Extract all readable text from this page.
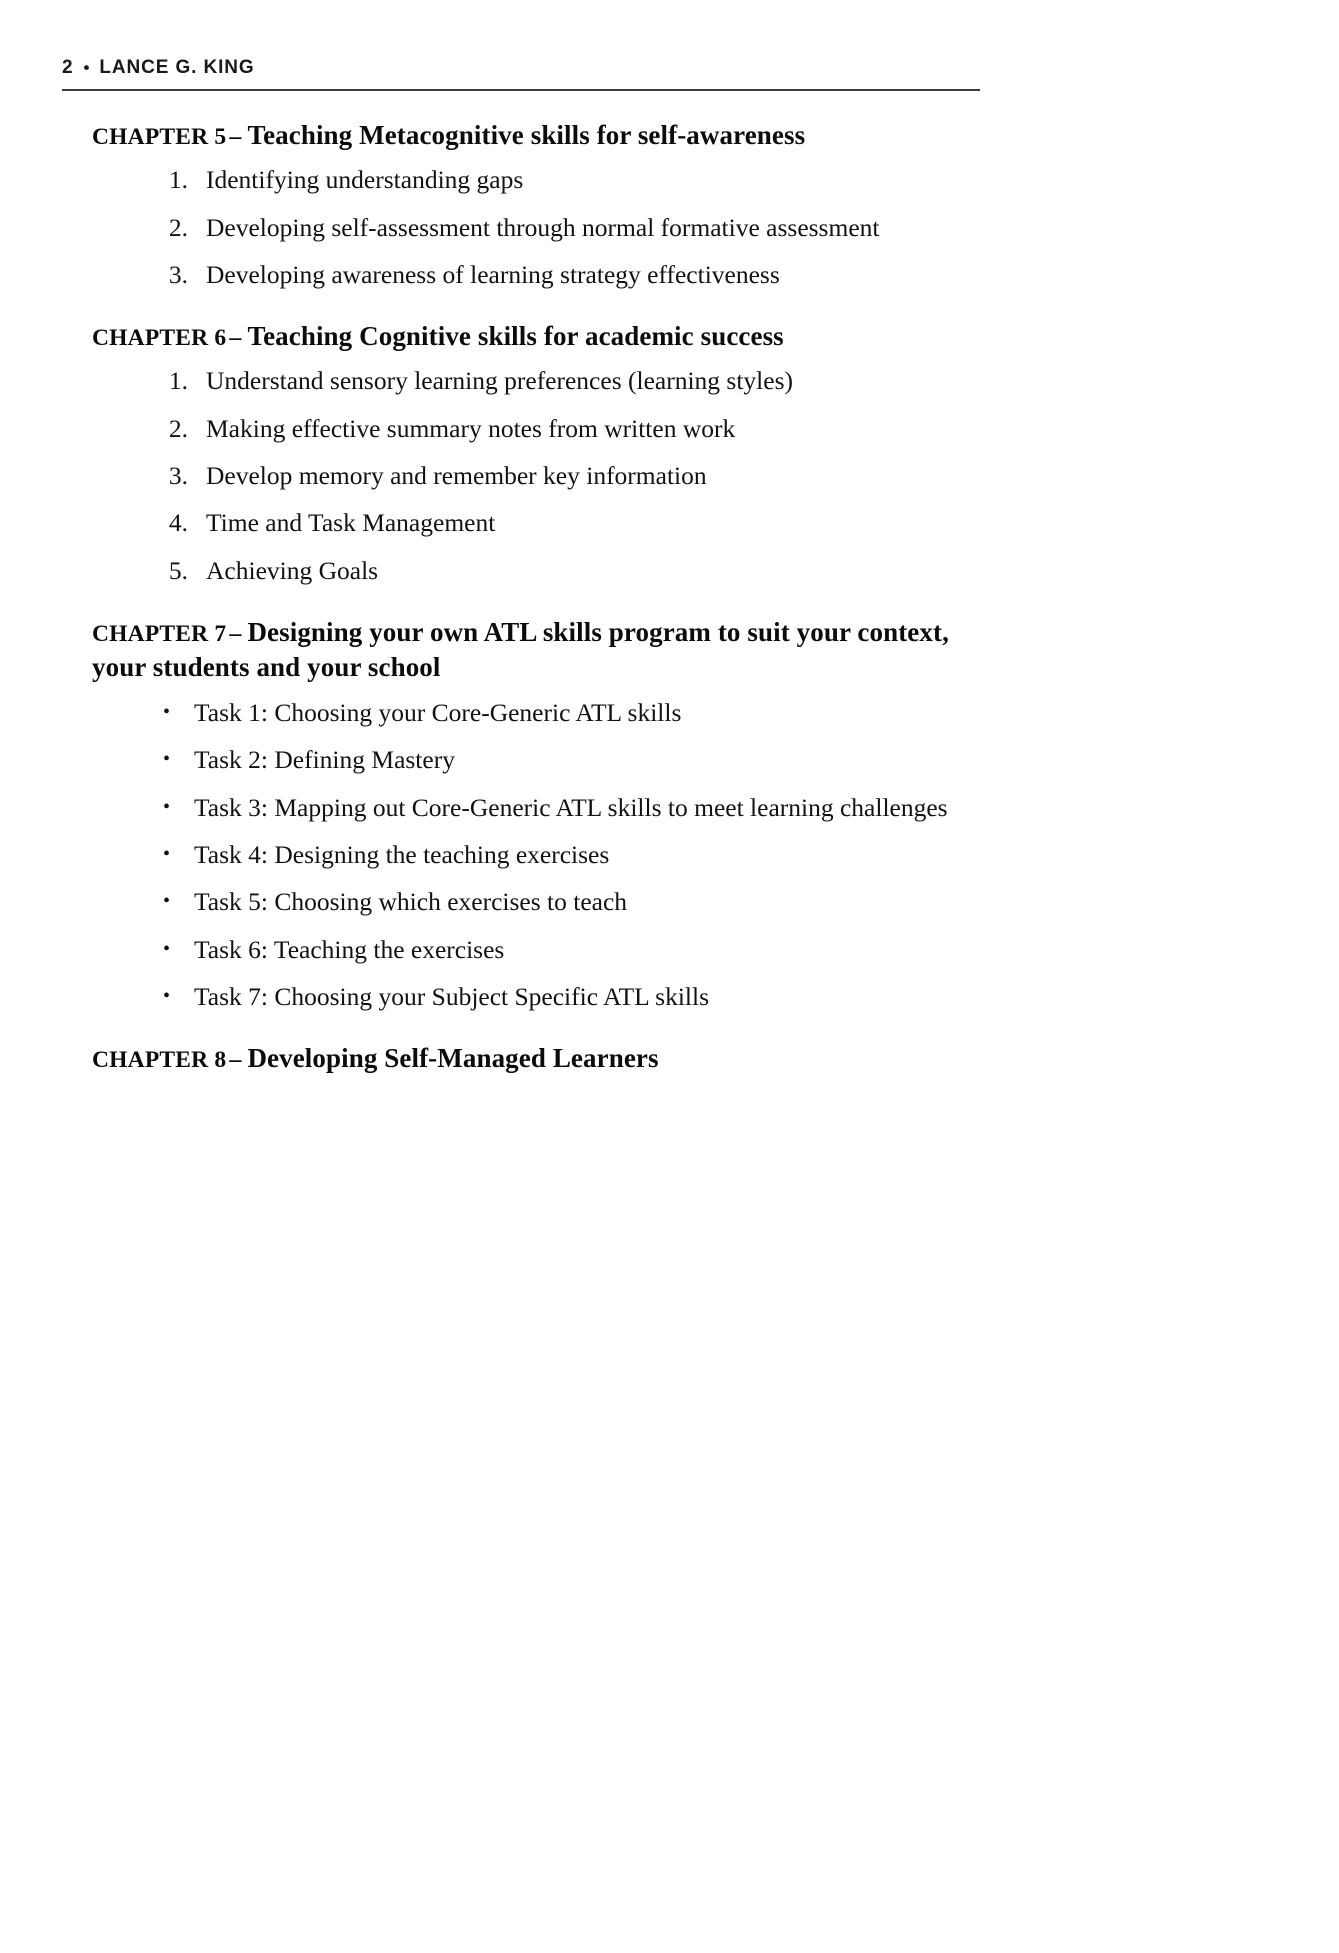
2 • LANCE G. KING

CHAPTER 5 – Teaching Metacognitive skills for self-awareness

1. Identifying understanding gaps
2. Developing self-assessment through normal formative assessment
3. Developing awareness of learning strategy effectiveness

CHAPTER 6 – Teaching Cognitive skills for academic success

1. Understand sensory learning preferences (learning styles)
2. Making effective summary notes from written work
3. Develop memory and remember key information
4. Time and Task Management
5. Achieving Goals

CHAPTER 7 – Designing your own ATL skills program to suit your context, your students and your school

• Task 1: Choosing your Core-Generic ATL skills
• Task 2: Defining Mastery
• Task 3: Mapping out Core-Generic ATL skills to meet learning challenges
• Task 4: Designing the teaching exercises
• Task 5: Choosing which exercises to teach
• Task 6: Teaching the exercises
• Task 7: Choosing your Subject Specific ATL skills

CHAPTER 8 – Developing Self-Managed Learners
